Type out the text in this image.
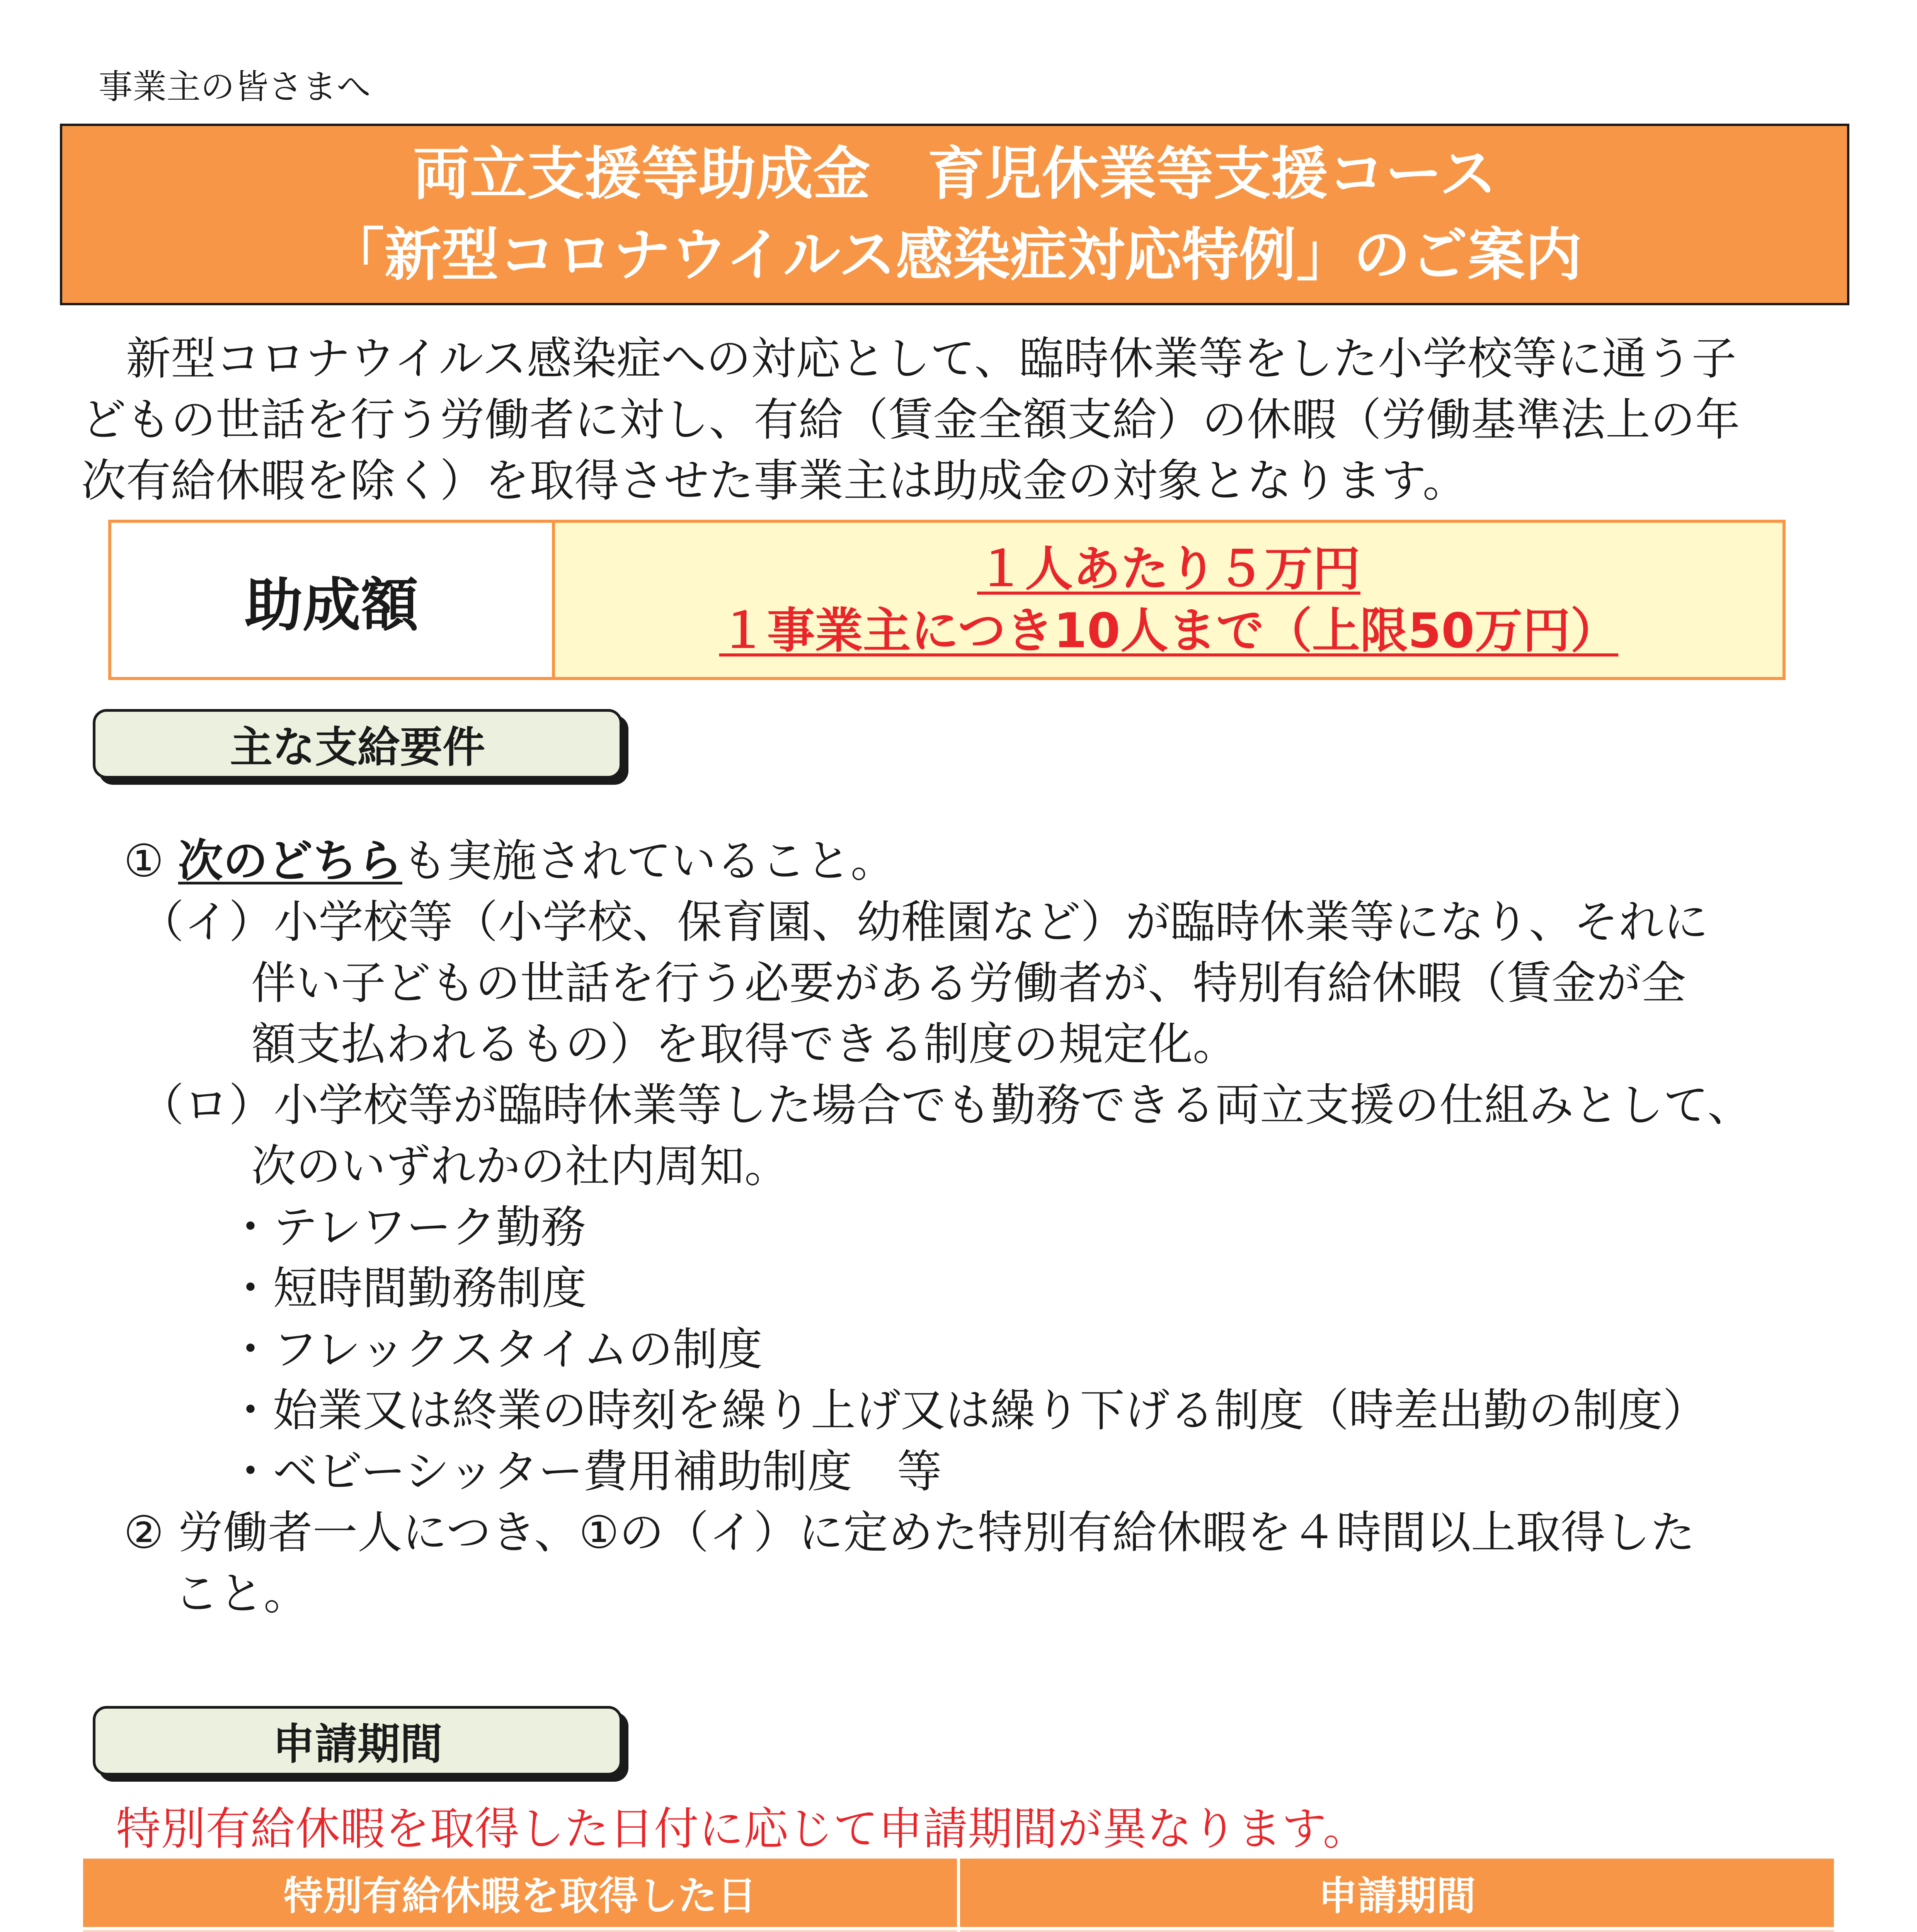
事業主の皆さまへ
両立支援等助成金　育児休業等支援コース
「新型コロナウイルス感染症対応特例」のご案内
　新型コロナウイルス感染症への対応として、臨時休業等をした小学校等に通う子
どもの世話を行う労働者に対し、有給（賃金全額支給）の休暇（労働基準法上の年
次有給休暇を除く）を取得させた事業主は助成金の対象となります。
助成額
１人あたり５万円
１事業主につき10人まで（上限50万円）
主な支給要件
① 次のどちらも実施されていること。
（イ）小学校等（小学校、保育園、幼稚園など）が臨時休業等になり、それに
伴い子どもの世話を行う必要がある労働者が、特別有給休暇（賃金が全
額支払われるもの）を取得できる制度の規定化。
（ロ）小学校等が臨時休業等した場合でも勤務できる両立支援の仕組みとして、
次のいずれかの社内周知。
・テレワーク勤務
・短時間勤務制度
・フレックスタイムの制度
・始業又は終業の時刻を繰り上げ又は繰り下げる制度（時差出勤の制度）
・ベビーシッター費用補助制度　等
② 労働者一人につき、①の（イ）に定めた特別有給休暇を４時間以上取得した
こと。
申請期間
特別有給休暇を取得した日付に応じて申請期間が異なります。
特別有給休暇を取得した日	申請期間
